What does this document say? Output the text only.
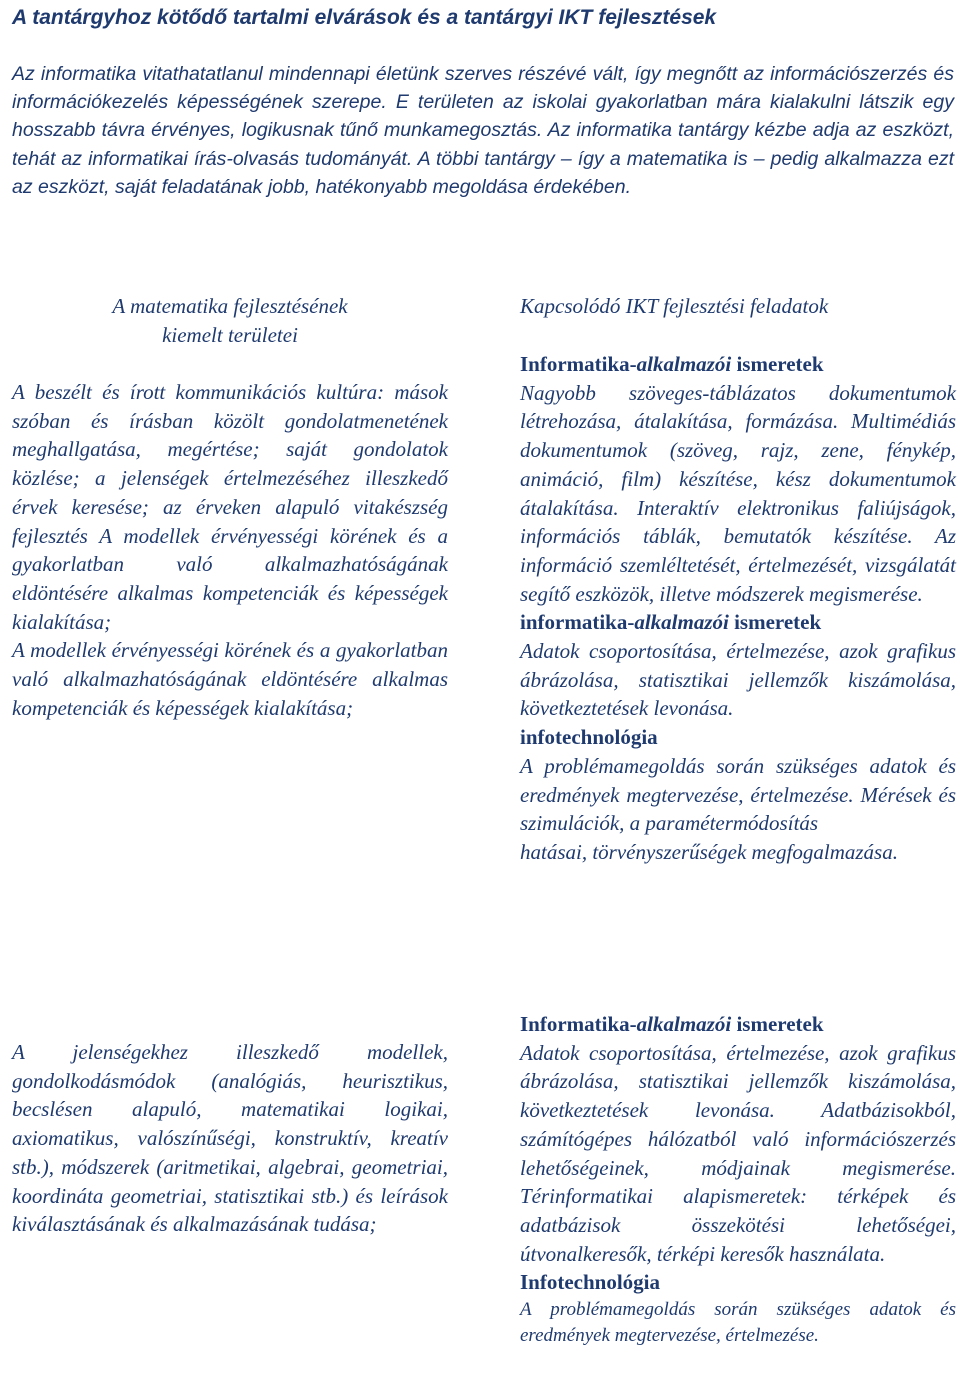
A tantárgyhoz kötődő tartalmi elvárások és a tantárgyi IKT fejlesztések

Az informatika vitathatatlanul mindennapi életünk szerves részévé vált, így megnőtt az információszerzés és információkezelés képességének szerepe. E területen az iskolai gyakorlatban mára kialakulni látszik egy hosszabb távra érvényes, logikusnak tűnő munkamegosztás. Az informatika tantárgy kézbe adja az eszközt, tehát az informatikai írás-olvasás tudományát. A többi tantárgy – így a matematika is – pedig alkalmazza ezt az eszközt, saját feladatának jobb, hatékonyabb megoldása érdekében.

A matematika fejlesztésének
kiemelt területei

A beszélt és írott kommunikációs kultúra: mások szóban és írásban közölt gondolatmenetének meghallgatása, megértése; saját gondolatok közlése; a jelenségek értelmezéséhez illeszkedő érvek keresése; az érveken alapuló vitakészség fejlesztés A modellek érvényességi körének és a gyakorlatban való alkalmazhatóságának eldöntésére alkalmas kompetenciák és képességek kialakítása;

A modellek érvényességi körének és a gyakorlatban való alkalmazhatóságának eldöntésére alkalmas kompetenciák és képességek kialakítása;

A jelenségekhez illeszkedő modellek, gondolkodásmódok (analógiás, heurisztikus, becslésen alapuló, matematikai logikai, axiomatikus, valószínűségi, konstruktív, kreatív stb.), módszerek (aritmetikai, algebrai, geometriai, koordináta geometriai, statisztikai stb.) és leírások kiválasztásának és alkalmazásának tudása;

Kapcsolódó IKT fejlesztési feladatok
Informatika-alkalmazói ismeretek

Nagyobb szöveges-táblázatos dokumentumok létrehozása, átalakítása, formázása. Multimédiás dokumentumok (szöveg, rajz, zene, fénykép, animáció, film) készítése, kész dokumentumok átalakítása. Interaktív elektronikus faliújságok, információs táblák, bemutatók készítése. Az információ szemléltetését, értelmezését, vizsgálatát segítő eszközök, illetve módszerek megismerése.

informatika-alkalmazói ismeretek

Adatok csoportosítása, értelmezése, azok grafikus ábrázolása, statisztikai jellemzők kiszámolása, következtetések levonása.

infotechnológia

A problémamegoldás során szükséges adatok és eredmények megtervezése, értelmezése. Mérések és szimulációk, a paramétermódosítás

hatásai, törvényszerűségek megfogalmazása.

Informatika-alkalmazói ismeretek

Adatok csoportosítása, értelmezése, azok grafikus ábrázolása, statisztikai jellemzők kiszámolása, következtetések levonása. Adatbázisokból, számítógépes hálózatból való információszerzés lehetőségeinek, módjainak megismerése. Térinformatikai alapismeretek: térképek és adatbázisok összekötési lehetőségei, útvonalkeresők, térképi keresők használata.

Infotechnológia

A problémamegoldás során szükséges adatok és eredmények megtervezése, értelmezése.
